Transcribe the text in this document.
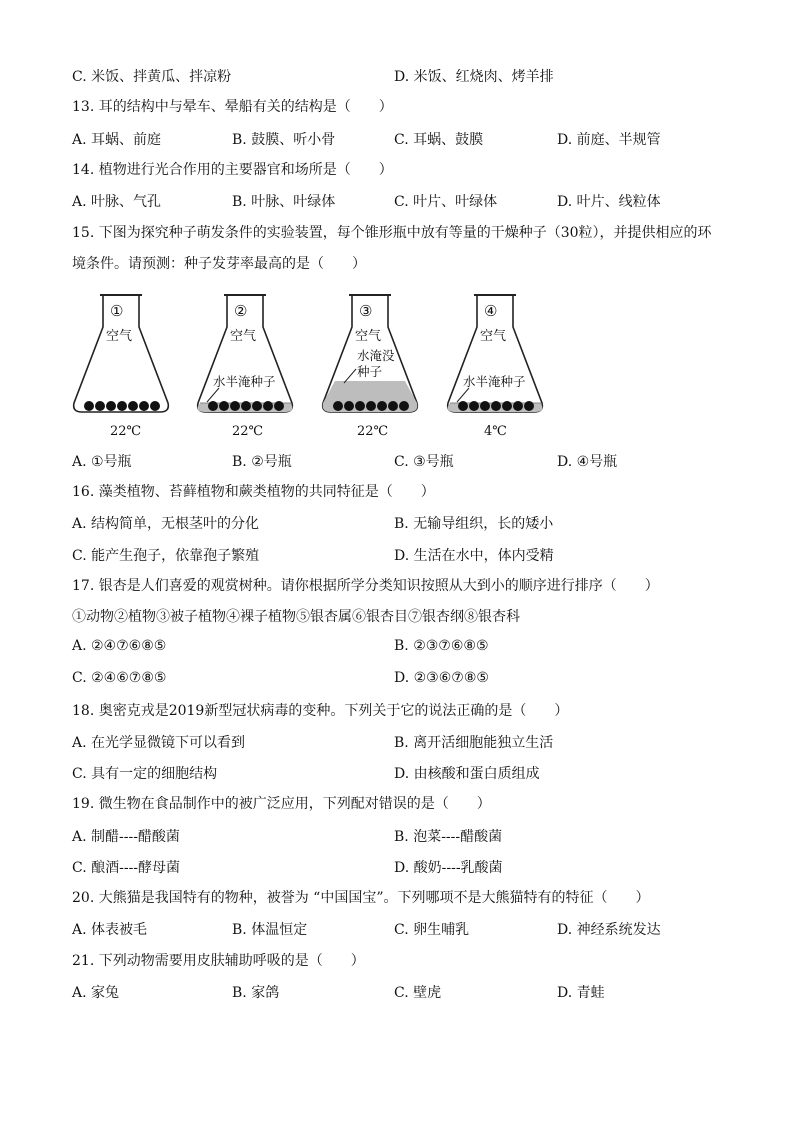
C. 米饭、拌黄瓜、拌凉粉	D. 米饭、红烧肉、烤羊排
13. 耳的结构中与晕车、晕船有关的结构是（　　）
A. 耳蜗、前庭	B. 鼓膜、听小骨	C. 耳蜗、鼓膜	D. 前庭、半规管
14. 植物进行光合作用的主要器官和场所是（　　）
A. 叶脉、气孔	B. 叶脉、叶绿体	C. 叶片、叶绿体	D. 叶片、线粒体
15. 下图为探究种子萌发条件的实验装置，每个锥形瓶中放有等量的干燥种子（30粒），并提供相应的环
境条件。请预测：种子发芽率最高的是（　　）
①
空气
22℃
②
空气
水半淹种子
22℃
③
空气
水淹没
种子
22℃
④
空气
水半淹种子
4℃
A. ①号瓶	B. ②号瓶	C. ③号瓶	D. ④号瓶
16. 藻类植物、苔藓植物和蕨类植物的共同特征是（　　）
A. 结构简单，无根茎叶的分化	B. 无输导组织，长的矮小
C. 能产生孢子，依靠孢子繁殖	D. 生活在水中，体内受精
17. 银杏是人们喜爱的观赏树种。请你根据所学分类知识按照从大到小的顺序进行排序（　　）
①动物②植物③被子植物④裸子植物⑤银杏属⑥银杏目⑦银杏纲⑧银杏科
A. ②④⑦⑥⑧⑤	B. ②③⑦⑥⑧⑤
C. ②④⑥⑦⑧⑤	D. ②③⑥⑦⑧⑤
18. 奥密克戎是2019新型冠状病毒的变种。下列关于它的说法正确的是（　　）
A. 在光学显微镜下可以看到	B. 离开活细胞能独立生活
C. 具有一定的细胞结构	D. 由核酸和蛋白质组成
19. 微生物在食品制作中的被广泛应用，下列配对错误的是（　　）
A. 制醋----醋酸菌	B. 泡菜----醋酸菌
C. 酿酒----酵母菌	D. 酸奶----乳酸菌
20. 大熊猫是我国特有的物种，被誉为 “中国国宝”。下列哪项不是大熊猫特有的特征（　　）
A. 体表被毛	B. 体温恒定	C. 卵生哺乳	D. 神经系统发达
21. 下列动物需要用皮肤辅助呼吸的是（　　）
A. 家兔	B. 家鸽	C. 壁虎	D. 青蛙
